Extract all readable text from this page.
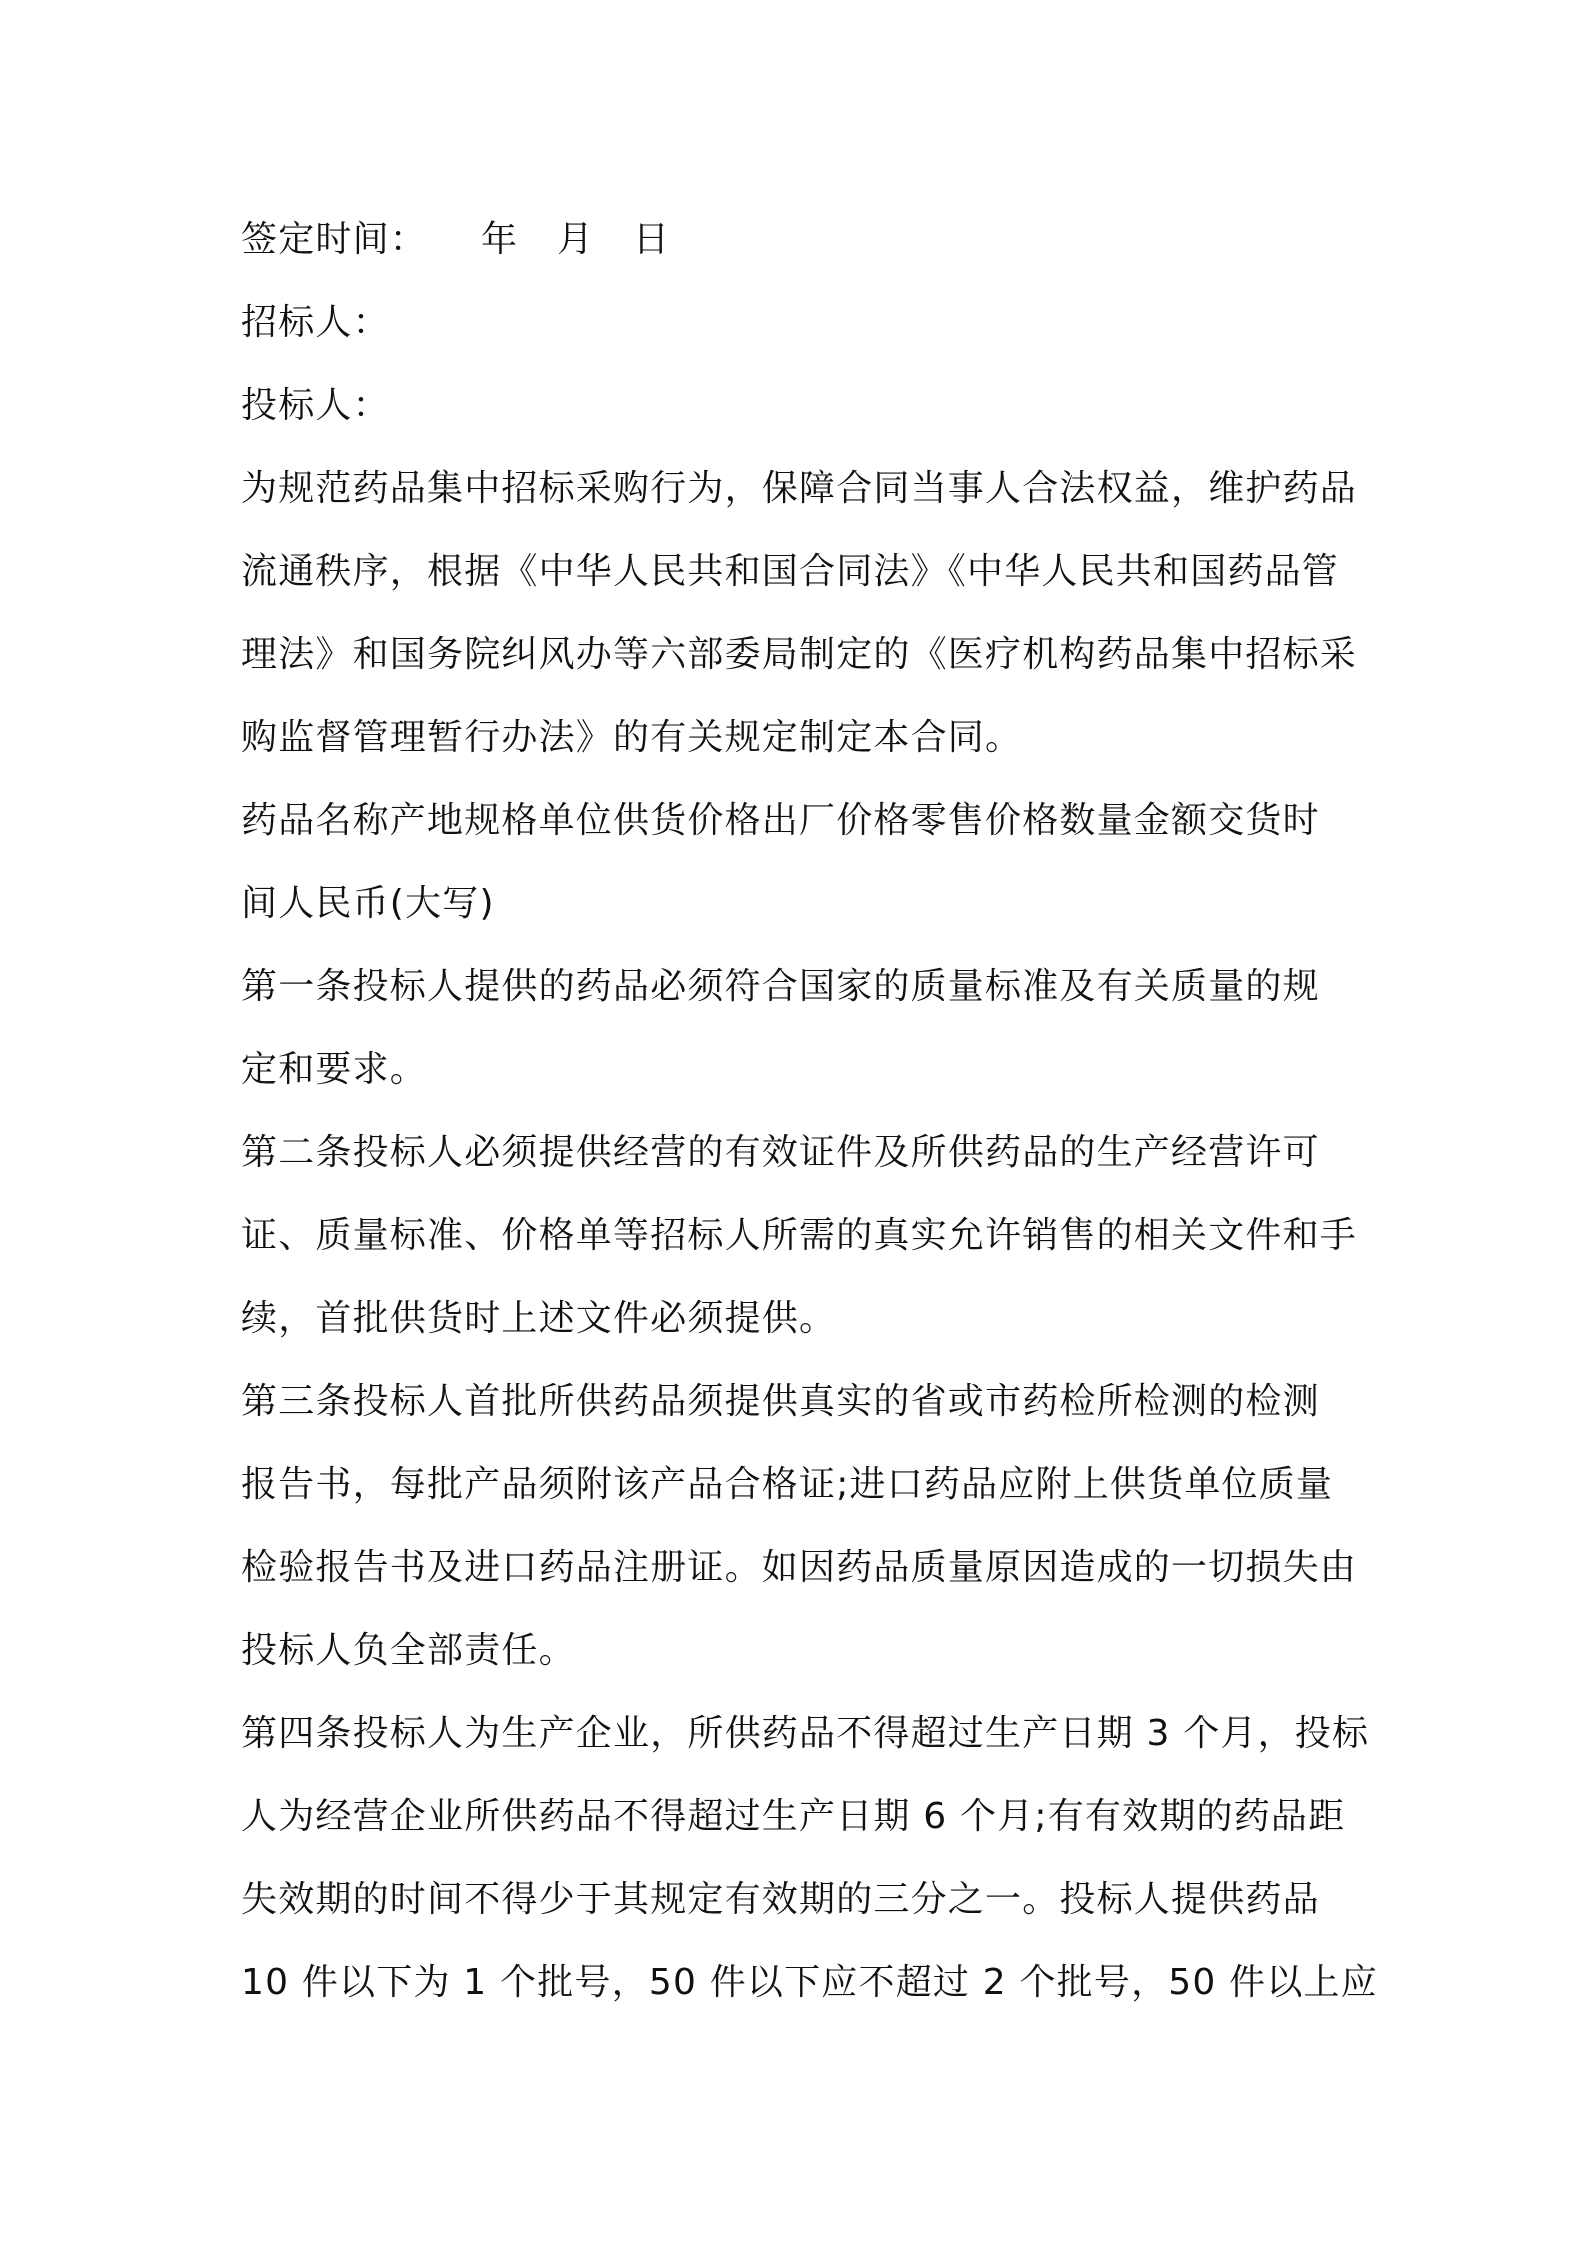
签定时间： 年 月 日
招标人：
投标人：
为规范药品集中招标采购行为，保障合同当事人合法权益，维护药品
流通秩序，根据《中华人民共和国合同法》《中华人民共和国药品管
理法》和国务院纠风办等六部委局制定的《医疗机构药品集中招标采
购监督管理暂行办法》的有关规定制定本合同。
药品名称产地规格单位供货价格出厂价格零售价格数量金额交货时
间人民币(大写)
第一条投标人提供的药品必须符合国家的质量标准及有关质量的规
定和要求。
第二条投标人必须提供经营的有效证件及所供药品的生产经营许可
证、质量标准、价格单等招标人所需的真实允许销售的相关文件和手
续，首批供货时上述文件必须提供。
第三条投标人首批所供药品须提供真实的省或市药检所检测的检测
报告书，每批产品须附该产品合格证;进口药品应附上供货单位质量
检验报告书及进口药品注册证。如因药品质量原因造成的一切损失由
投标人负全部责任。
第四条投标人为生产企业，所供药品不得超过生产日期 3 个月，投标
人为经营企业所供药品不得超过生产日期 6 个月;有有效期的药品距
失效期的时间不得少于其规定有效期的三分之一。投标人提供药品
10 件以下为 1 个批号，50 件以下应不超过 2 个批号，50 件以上应
